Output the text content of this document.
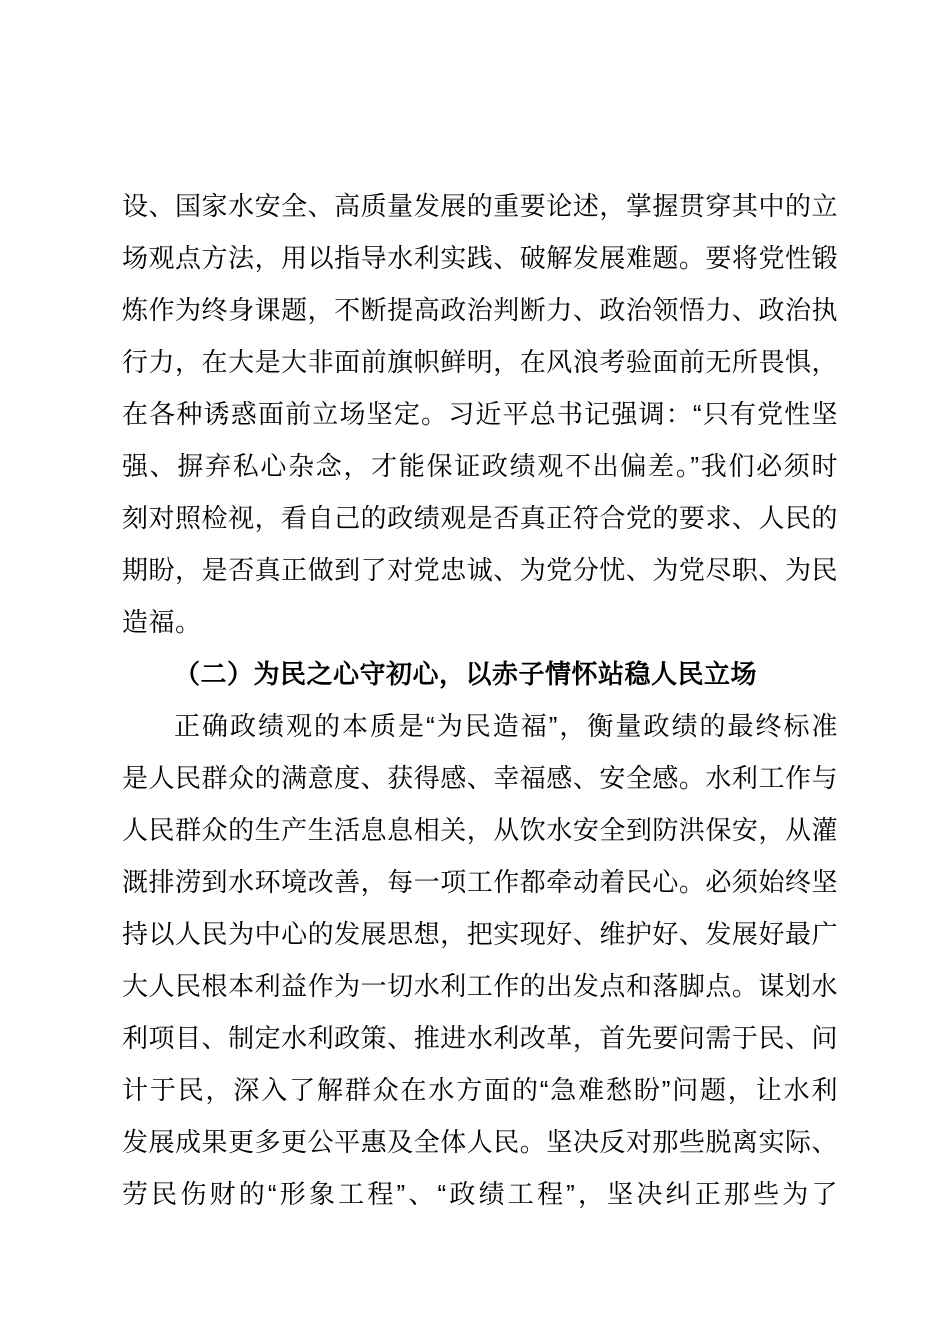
设、国家水安全、高质量发展的重要论述，掌握贯穿其中的立
场观点方法，用以指导水利实践、破解发展难题。要将党性锻
炼作为终身课题，不断提高政治判断力、政治领悟力、政治执
行力，在大是大非面前旗帜鲜明，在风浪考验面前无所畏惧，
在各种诱惑面前立场坚定。习近平总书记强调：“只有党性坚
强、摒弃私心杂念，才能保证政绩观不出偏差。”我们必须时
刻对照检视，看自己的政绩观是否真正符合党的要求、人民的
期盼，是否真正做到了对党忠诚、为党分忧、为党尽职、为民
造福。
（二）为民之心守初心，以赤子情怀站稳人民立场
正确政绩观的本质是“为民造福”，衡量政绩的最终标准
是人民群众的满意度、获得感、幸福感、安全感。水利工作与
人民群众的生产生活息息相关，从饮水安全到防洪保安，从灌
溉排涝到水环境改善，每一项工作都牵动着民心。必须始终坚
持以人民为中心的发展思想，把实现好、维护好、发展好最广
大人民根本利益作为一切水利工作的出发点和落脚点。谋划水
利项目、制定水利政策、推进水利改革，首先要问需于民、问
计于民，深入了解群众在水方面的“急难愁盼”问题，让水利
发展成果更多更公平惠及全体人民。坚决反对那些脱离实际、
劳民伤财的“形象工程”、“政绩工程”，坚决纠正那些为了
